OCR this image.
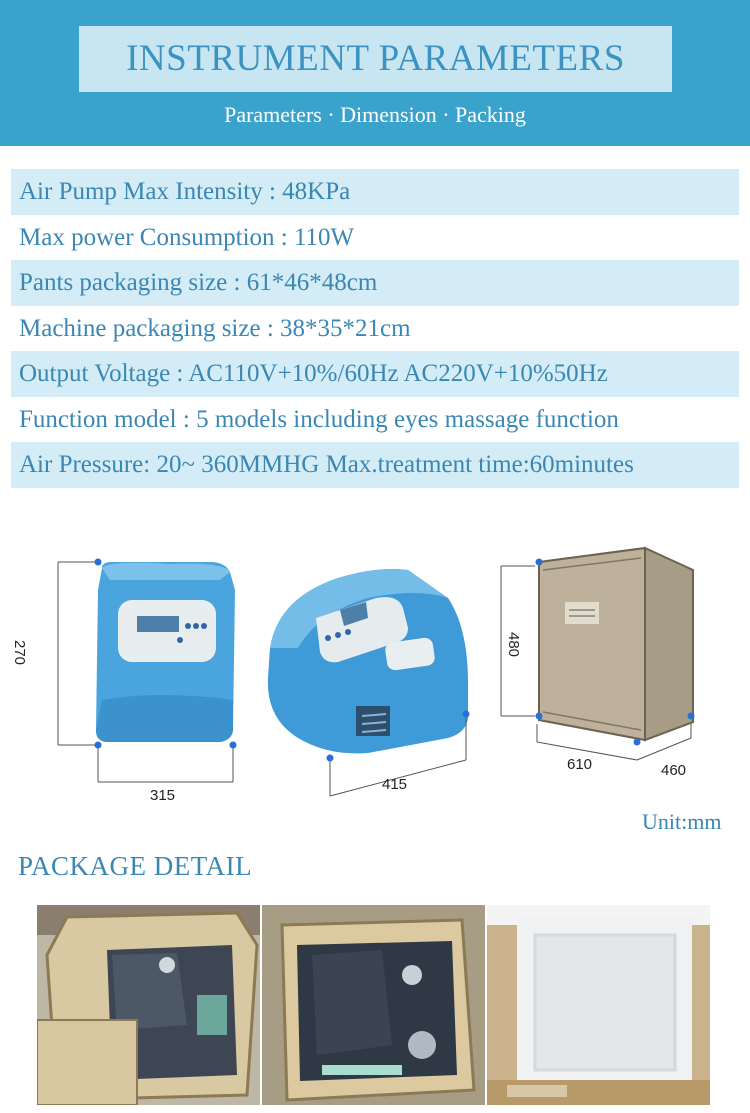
INSTRUMENT PARAMETERS
Parameters · Dimension · Packing
Air Pump Max Intensity : 48KPa
Max power Consumption : 110W
Pants packaging size : 61*46*48cm
Machine packaging size : 38*35*21cm
Output Voltage : AC110V+10%/60Hz AC220V+10%50Hz
Function model : 5 models including eyes massage function
Air Pressure: 20~ 360MMHG Max.treatment time:60minutes
270
315
415
480
610	460
Unit:mm
PACKAGE DETAIL
